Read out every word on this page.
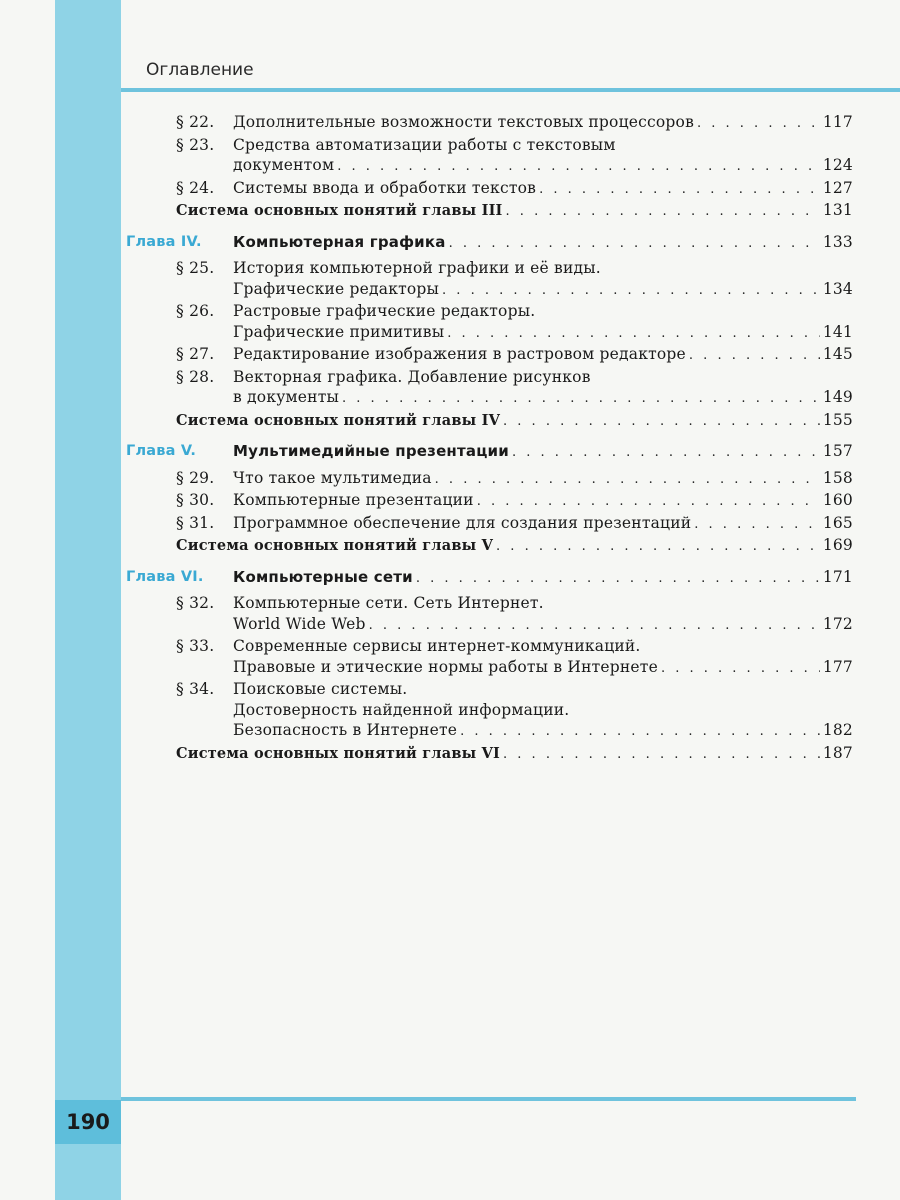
Оглавление
§ 22. Дополнительные возможности текстовых процессоров . . .	117
§ 23. Средства автоматизации работы с текстовым
документом . . .	124
§ 24. Системы ввода и обработки текстов . . .	127
Система основных понятий главы III . . .	131
Глава IV. Компьютерная графика . . .	133
§ 25. История компьютерной графики и её виды.
Графические редакторы . . .	134
§ 26. Растровые графические редакторы.
Графические примитивы . . .	141
§ 27. Редактирование изображения в растровом редакторе . . .	145
§ 28. Векторная графика. Добавление рисунков
в документы . . .	149
Система основных понятий главы IV . . .	155
Глава V. Мультимедийные презентации . . .	157
§ 29. Что такое мультимедиа . . .	158
§ 30. Компьютерные презентации . . .	160
§ 31. Программное обеспечение для создания презентаций . . .	165
Система основных понятий главы V . . .	169
Глава VI. Компьютерные сети . . .	171
§ 32. Компьютерные сети. Сеть Интернет.
World Wide Web . . .	172
§ 33. Современные сервисы интернет-коммуникаций.
Правовые и этические нормы работы в Интернете . . .	177
§ 34. Поисковые системы.
Достоверность найденной информации.
Безопасность в Интернете . . .	182
Система основных понятий главы VI . . .	187
190
